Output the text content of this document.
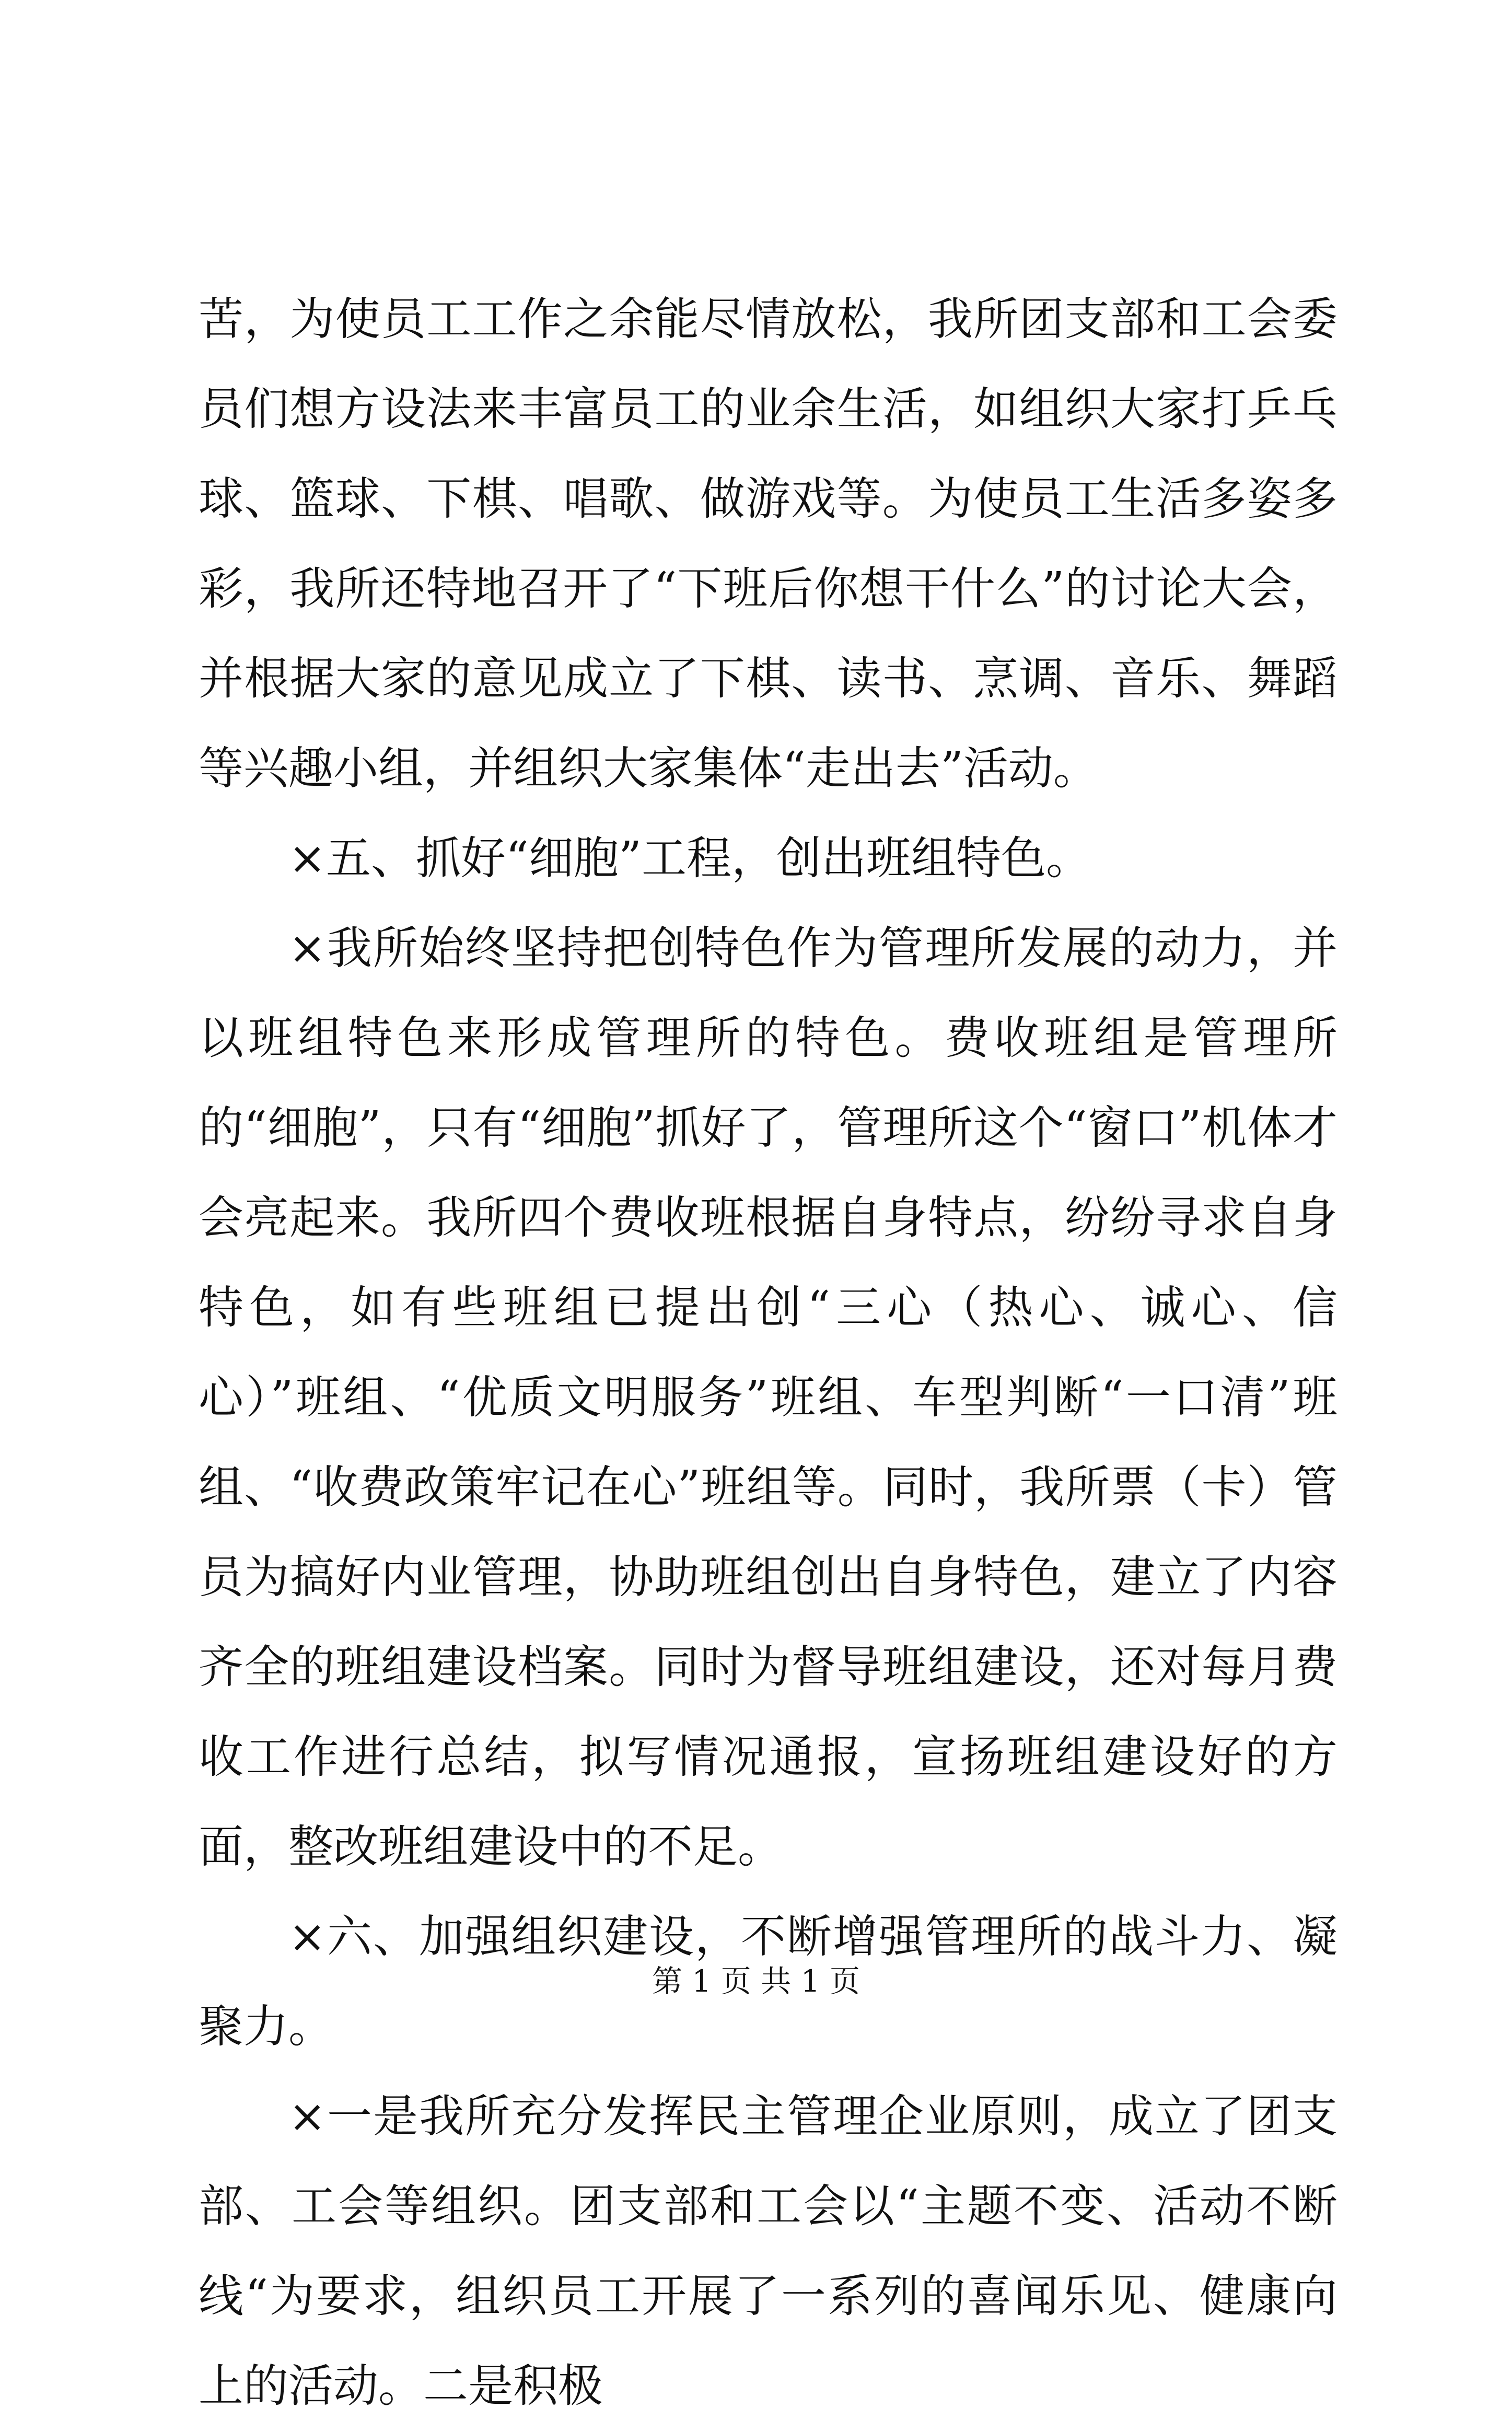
苦，为使员工工作之余能尽情放松，我所团支部和工会委员们想方设法来丰富员工的业余生活，如组织大家打乒乓球、篮球、下棋、唱歌、做游戏等。为使员工生活多姿多彩，我所还特地召开了“下班后你想干什么”的讨论大会，并根据大家的意见成立了下棋、读书、烹调、音乐、舞蹈等兴趣小组，并组织大家集体“走出去”活动。

×五、抓好“细胞”工程，创出班组特色。

×我所始终坚持把创特色作为管理所发展的动力，并以班组特色来形成管理所的特色。费收班组是管理所的“细胞”，只有“细胞”抓好了，管理所这个“窗口”机体才会亮起来。我所四个费收班根据自身特点，纷纷寻求自身特色，如有些班组已提出创“三心（热心、诚心、信心）”班组、“优质文明服务”班组、车型判断“一口清”班组、“收费政策牢记在心”班组等。同时，我所票（卡）管员为搞好内业管理，协助班组创出自身特色，建立了内容齐全的班组建设档案。同时为督导班组建设，还对每月费收工作进行总结，拟写情况通报，宣扬班组建设好的方面，整改班组建设中的不足。

×六、加强组织建设，不断增强管理所的战斗力、凝聚力。

×一是我所充分发挥民主管理企业原则，成立了团支部、工会等组织。团支部和工会以“主题不变、活动不断线“为要求，组织员工开展了一系列的喜闻乐见、健康向上的活动。二是积极

第 1 页 共 1 页
